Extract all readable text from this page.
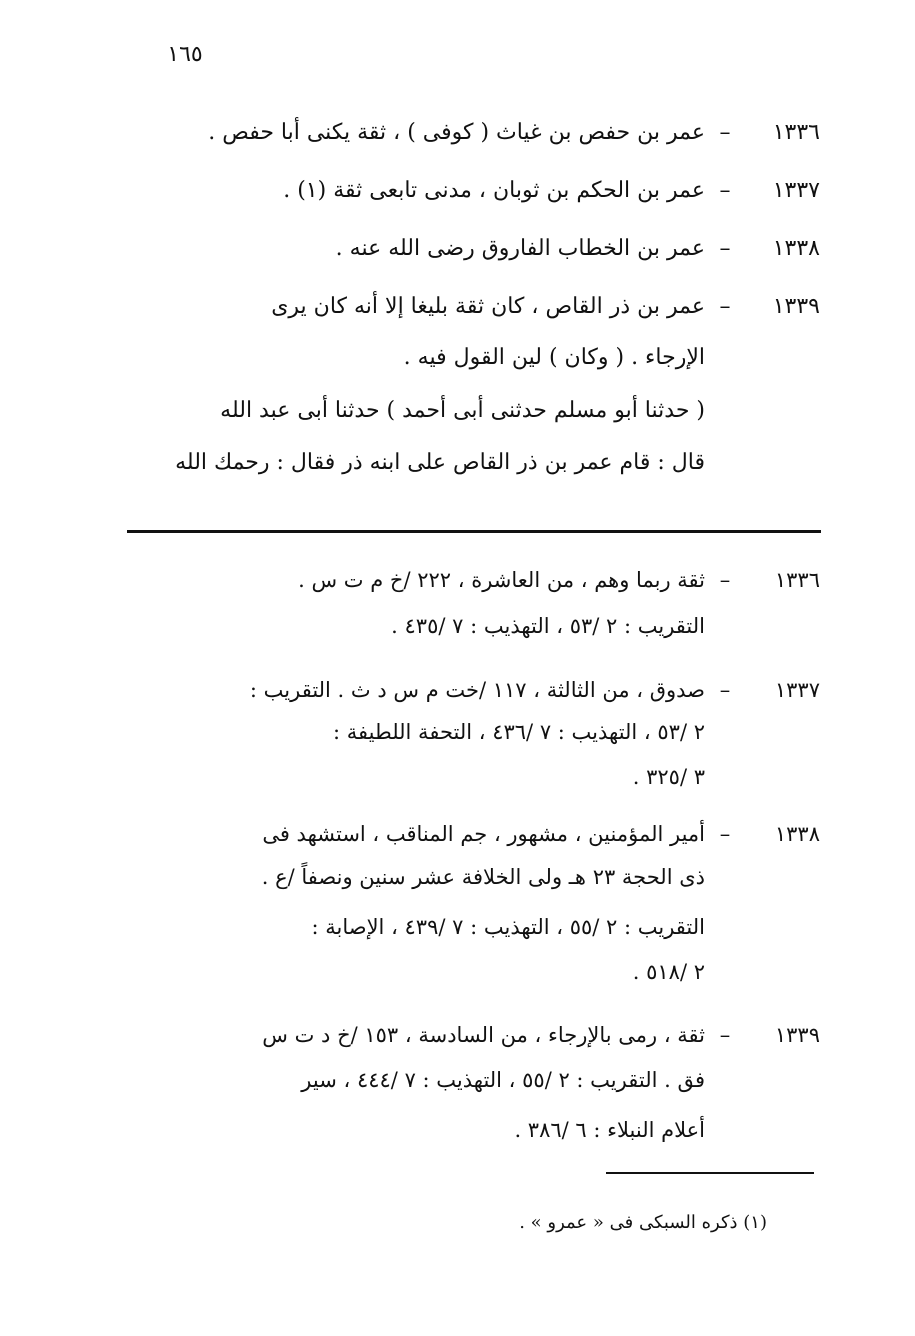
١٦٥
١٣٣٦–عمر بن حفص بن غياث ( كوفى ) ، ثقة يكنى أبا حفص .
١٣٣٧–عمر بن الحكم بن ثوبان ، مدنى تابعى ثقة (١) .
١٣٣٨–عمر بن الخطاب الفاروق رضى الله عنه .
١٣٣٩–عمر بن ذر القاص ، كان ثقة بليغا إلا أنه كان يرى
الإرجاء . ( وكان ) لين القول فيه .
( حدثنا أبو مسلم حدثنى أبى أحمد ) حدثنا أبى عبد الله
قال : قام عمر بن ذر القاص على ابنه ذر فقال : رحمك الله
١٣٣٦–ثقة ربما وهم ، من العاشرة ، ٢٢٢ /خ م ت س .
التقريب : ٢ /٥٣ ، التهذيب : ٧ /٤٣٥ .
١٣٣٧–صدوق ، من الثالثة ، ١١٧ /خت م س د ث . التقريب :
٢ /٥٣ ، التهذيب : ٧ /٤٣٦ ، التحفة اللطيفة :
٣ /٣٢٥ .
١٣٣٨–أمير المؤمنين ، مشهور ، جم المناقب ، استشهد فى
ذى الحجة ٢٣ هـ ولى الخلافة عشر سنين ونصفاً /ع .
التقريب : ٢ /٥٥ ، التهذيب : ٧ /٤٣٩ ، الإصابة :
٢ /٥١٨ .
١٣٣٩–ثقة ، رمى بالإرجاء ، من السادسة ، ١٥٣ /خ د ت س
فق . التقريب : ٢ /٥٥ ، التهذيب : ٧ /٤٤٤ ، سير
أعلام النبلاء : ٦ /٣٨٦ .
(١) ذكره السبكى فى « عمرو » .
